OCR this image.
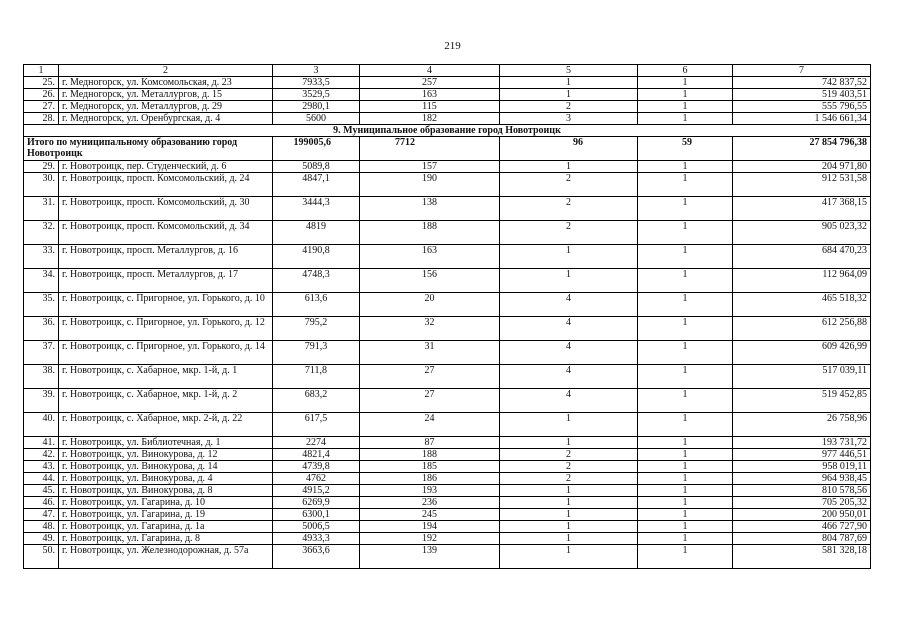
219
1	2	3	4	5	6	7
25.	г. Медногорск, ул. Комсомольская, д. 23	7933,5	257	1	1	742 837,52
26.	г. Медногорск, ул. Металлургов, д. 15	3529,5	163	1	1	519 403,51
27.	г. Медногорск, ул. Металлургов, д. 29	2980,1	115	2	1	555 796,55
28.	г. Медногорск, ул. Оренбургская, д. 4	5600	182	3	1	1 546 661,34
9. Муниципальное образование город Новотроицк						
Итого по муниципальному образованию город Новотроицк		199005,6	7712	96	59	27 854 796,38
29.	г. Новотроицк, пер. Студенческий, д. 6	5089,8	157	1	1	204 971,80
30.	г. Новотроицк, просп. Комсомольский, д. 24	4847,1	190	2	1	912 531,58
31.	г. Новотроицк, просп. Комсомольский, д. 30	3444,3	138	2	1	417 368,15
32.	г. Новотроицк, просп. Комсомольский, д. 34	4819	188	2	1	905 023,32
33.	г. Новотроицк, просп. Металлургов, д. 16	4190,8	163	1	1	684 470,23
34.	г. Новотроицк, просп. Металлургов, д. 17	4748,3	156	1	1	112 964,09
35.	г. Новотроицк, с. Пригорное, ул. Горького, д. 10	613,6	20	4	1	465 518,32
36.	г. Новотроицк, с. Пригорное, ул. Горького, д. 12	795,2	32	4	1	612 256,88
37.	г. Новотроицк, с. Пригорное, ул. Горького, д. 14	791,3	31	4	1	609 426,99
38.	г. Новотроицк, с. Хабарное, мкр. 1-й, д. 1	711,8	27	4	1	517 039,11
39.	г. Новотроицк, с. Хабарное, мкр. 1-й, д. 2	683,2	27	4	1	519 452,85
40.	г. Новотроицк, с. Хабарное, мкр. 2-й, д. 22	617,5	24	1	1	26 758,96
41.	г. Новотроицк, ул. Библиотечная, д. 1	2274	87	1	1	193 731,72
42.	г. Новотроицк, ул. Винокурова, д. 12	4821,4	188	2	1	977 446,51
43.	г. Новотроицк, ул. Винокурова, д. 14	4739,8	185	2	1	958 019,11
44.	г. Новотроицк, ул. Винокурова, д. 4	4762	186	2	1	964 938,45
45.	г. Новотроицк, ул. Винокурова, д. 8	4915,2	193	1	1	810 578,56
46.	г. Новотроицк, ул. Гагарина, д. 10	6269,9	236	1	1	705 205,32
47.	г. Новотроицк, ул. Гагарина, д. 19	6300,1	245	1	1	200 950,01
48.	г. Новотроицк, ул. Гагарина, д. 1а	5006,5	194	1	1	466 727,90
49.	г. Новотроицк, ул. Гагарина, д. 8	4933,3	192	1	1	804 787,69
50.	г. Новотроицк, ул. Железнодорожная, д. 57а	3663,6	139	1	1	581 328,18
